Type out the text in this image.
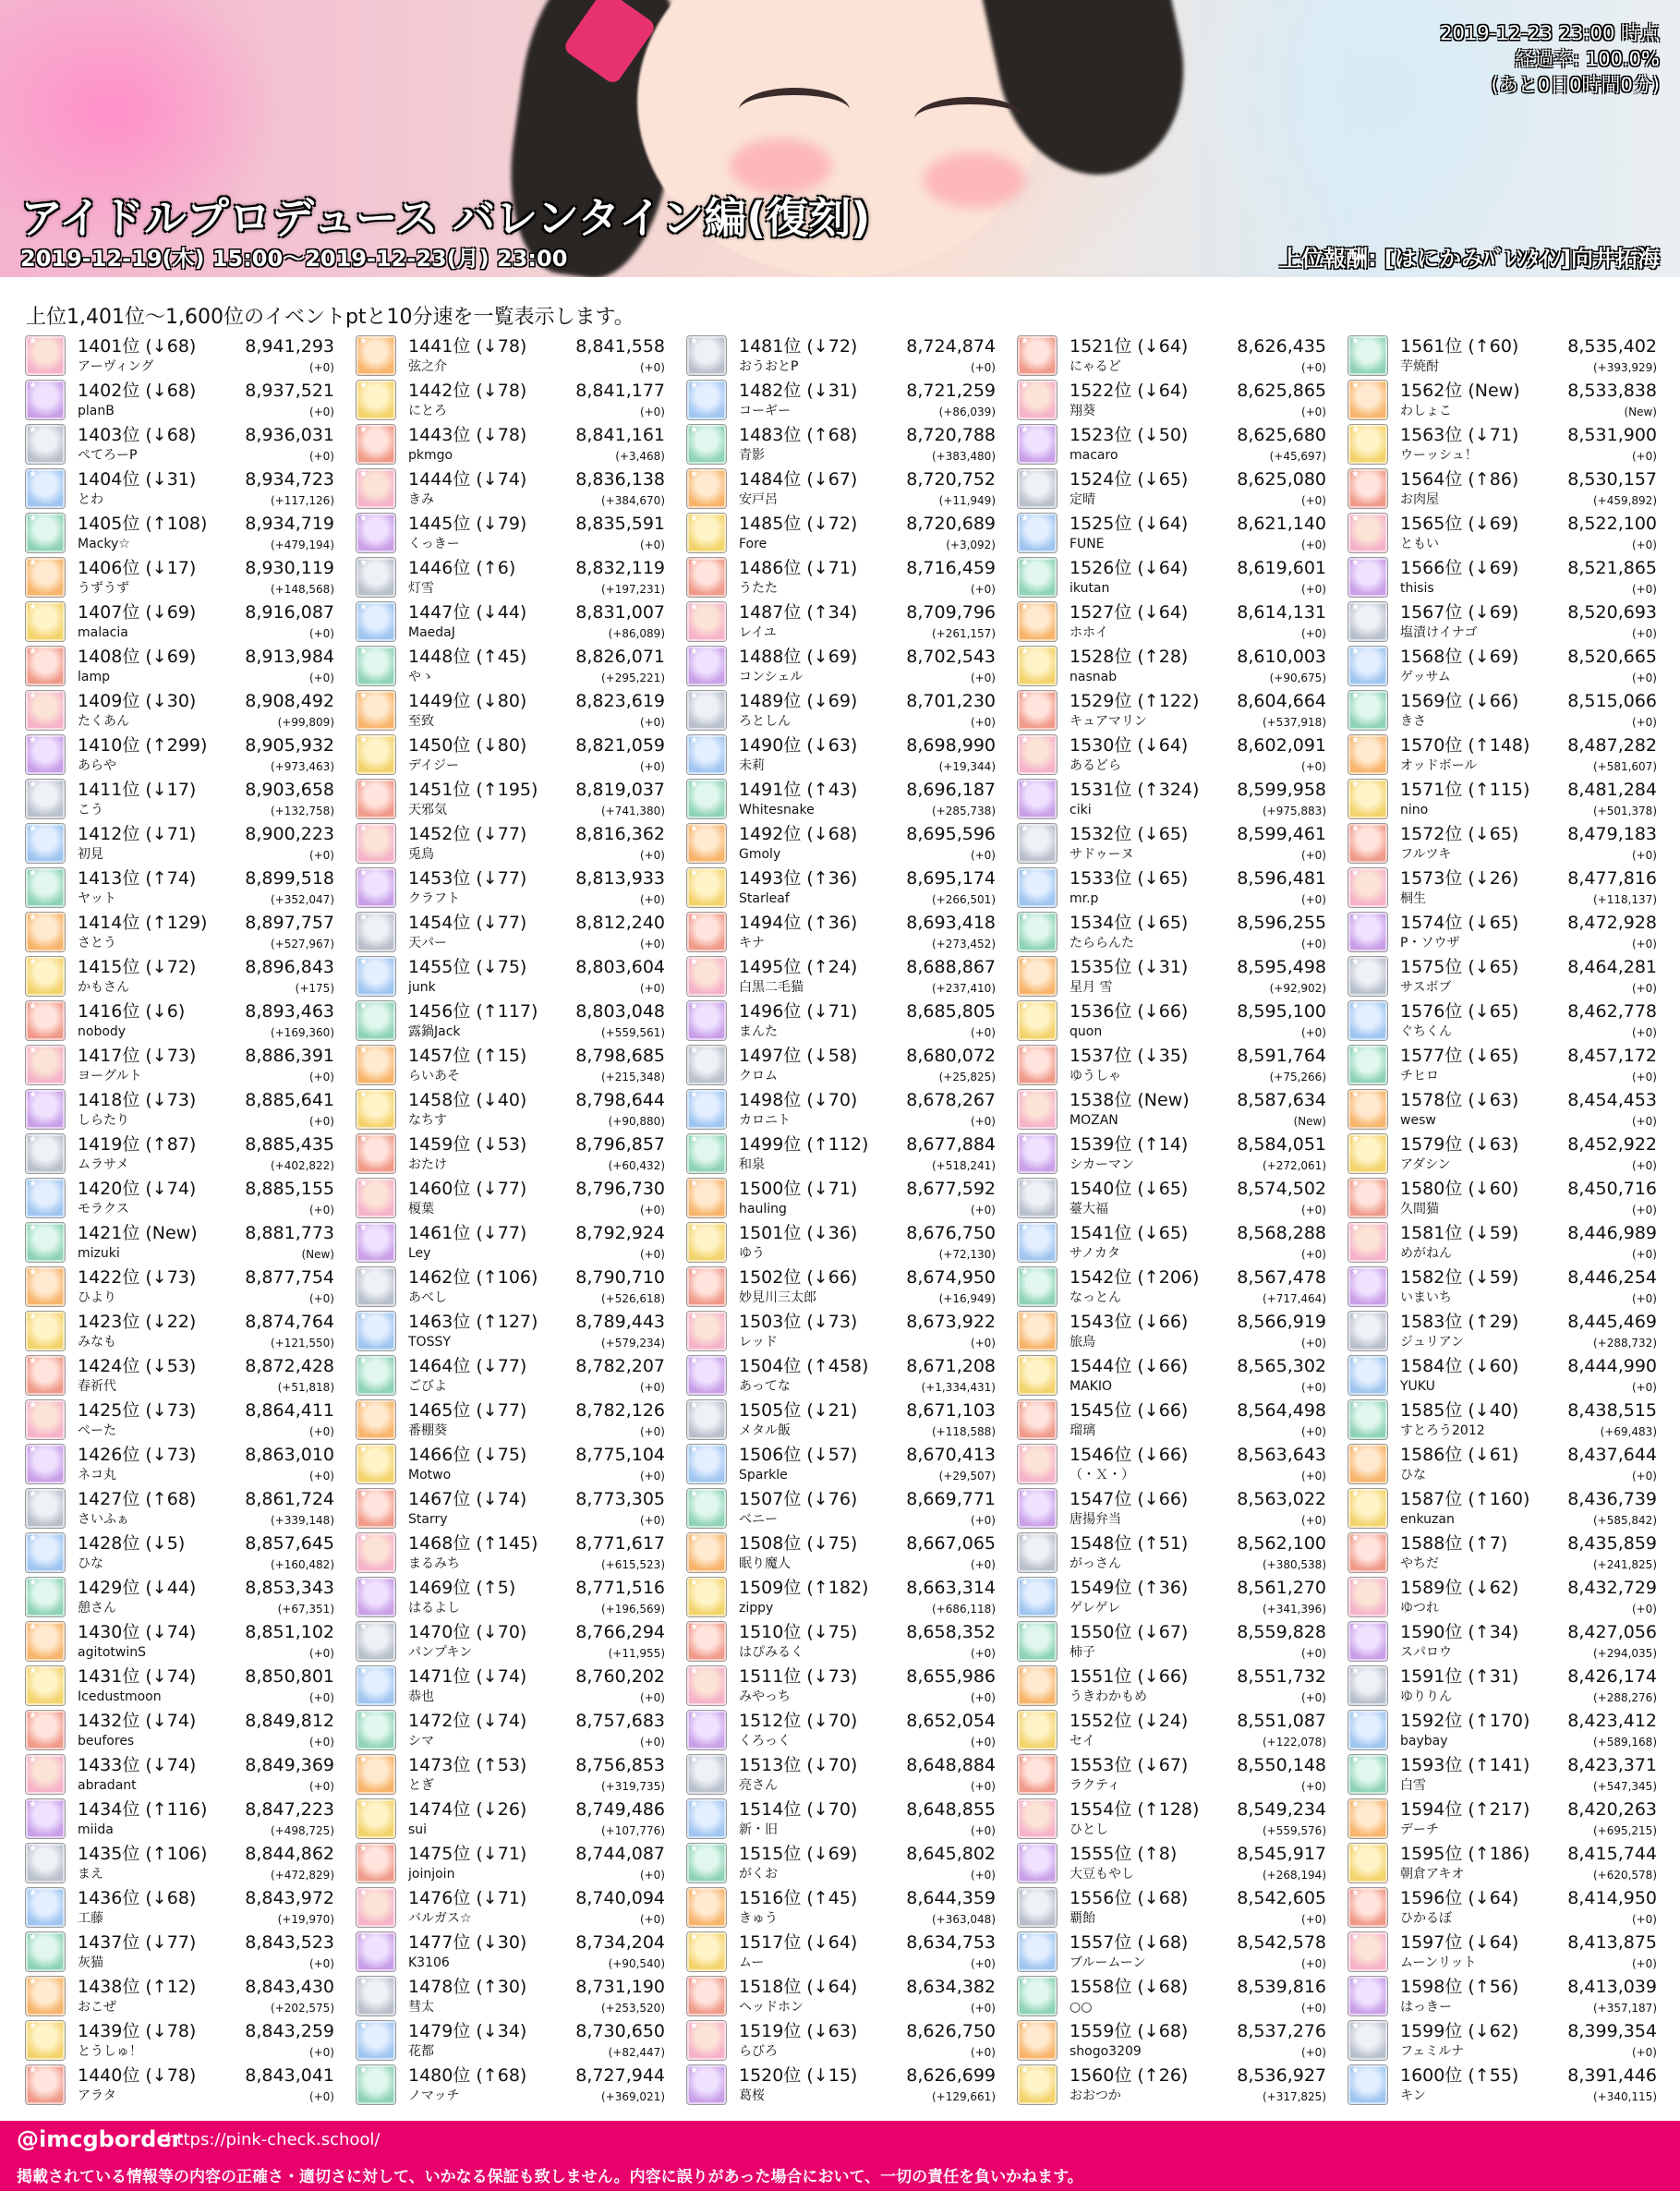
2019-12-23 23:00 時点
経過率: 100.0%
(あと0日0時間0分)
アイドルプロデュース バレンタイン編(復刻)
2019-12-19(木) 15:00～2019-12-23(月) 23:00	上位報酬: [はにかみﾊﾞﾚﾝﾀｲﾝ]向井拓海
上位1,401位～1,600位のイベントptと10分速を一覧表示します。
★ 1401位 (↓68)	8,941,293
アーヴィング	(+0)
★ 1402位 (↓68)	8,937,521
planB	(+0)
★ 1403位 (↓68)	8,936,031
ぺてろーP	(+0)
★ 1404位 (↓31)	8,934,723
とわ	(+117,126)
★ 1405位 (↑108) 8,934,719
Macky☆	(+479,194)
★ 1406位 (↓17)	8,930,119
うずうず	(+148,568)
★ 1407位 (↓69)	8,916,087
malacia	(+0)
★ 1408位 (↓69)	8,913,984
lamp	(+0)
★ 1409位 (↓30)	8,908,492
たくあん	(+99,809)
★ 1410位 (↑299) 8,905,932
あらや	(+973,463)
★ 1411位 (↓17)	8,903,658
こう	(+132,758)
★ 1412位 (↓71)	8,900,223
初見	(+0)
★ 1413位 (↑74)	8,899,518
ヤット	(+352,047)
★ 1414位 (↑129) 8,897,757
さとう	(+527,967)
★ 1415位 (↓72)	8,896,843
かもさん	(+175)
★ 1416位 (↓6)	8,893,463
nobody	(+169,360)
★ 1417位 (↓73)	8,886,391
ヨーグルト	(+0)
★ 1418位 (↓73)	8,885,641
しらたり	(+0)
★ 1419位 (↑87)	8,885,435
ムラサメ	(+402,822)
★ 1420位 (↓74)	8,885,155
モラクス	(+0)
★ 1421位 (New)	8,881,773
mizuki	(New)
★ 1422位 (↓73)	8,877,754
ひより	(+0)
★ 1423位 (↓22)	8,874,764
みなも	(+121,550)
★ 1424位 (↓53)	8,872,428
春祈代	(+51,818)
★ 1425位 (↓73)	8,864,411
ぺーた	(+0)
★ 1426位 (↓73)	8,863,010
ネコ丸	(+0)
★ 1427位 (↑68)	8,861,724
さいふぁ	(+339,148)
★ 1428位 (↓5)	8,857,645
ひな	(+160,482)
★ 1429位 (↓44)	8,853,343
憩さん	(+67,351)
★ 1430位 (↓74)	8,851,102
agitotwinS	(+0)
★ 1431位 (↓74)	8,850,801
Icedustmoon	(+0)
★ 1432位 (↓74)	8,849,812
beufores	(+0)
★ 1433位 (↓74)	8,849,369
abradant	(+0)
★ 1434位 (↑116) 8,847,223
miida	(+498,725)
★ 1435位 (↑106) 8,844,862
まえ	(+472,829)
★ 1436位 (↓68)	8,843,972
工藤	(+19,970)
★ 1437位 (↓77)	8,843,523
灰猫	(+0)
★ 1438位 (↑12)	8,843,430
おこぜ	(+202,575)
★ 1439位 (↓78)	8,843,259
とうしゅ！	(+0)
★ 1440位 (↓78)	8,843,041
アラタ	(+0)
★ 1441位 (↓78)	8,841,558
弦之介	(+0)
★ 1442位 (↓78)	8,841,177
にとろ	(+0)
★ 1443位 (↓78)	8,841,161
pkmgo	(+3,468)
★ 1444位 (↓74)	8,836,138
きみ	(+384,670)
★ 1445位 (↓79)	8,835,591
くっきー	(+0)
★ 1446位 (↑6)	8,832,119
灯雪	(+197,231)
★ 1447位 (↓44)	8,831,007
MaedaJ	(+86,089)
★ 1448位 (↑45)	8,826,071
やゝ	(+295,221)
★ 1449位 (↓80)	8,823,619
至致	(+0)
★ 1450位 (↓80)	8,821,059
デイジー	(+0)
★ 1451位 (↑195) 8,819,037
天邪気	(+741,380)
★ 1452位 (↓77)	8,816,362
兎鳥	(+0)
★ 1453位 (↓77)	8,813,933
クラフト	(+0)
★ 1454位 (↓77)	8,812,240
天パー	(+0)
★ 1455位 (↓75)	8,803,604
junk	(+0)
★ 1456位 (↑117) 8,803,048
露鍋Jack	(+559,561)
★ 1457位 (↑15)	8,798,685
らいあそ	(+215,348)
★ 1458位 (↓40)	8,798,644
なちす	(+90,880)
★ 1459位 (↓53)	8,796,857
おたけ	(+60,432)
★ 1460位 (↓77)	8,796,730
榎葉	(+0)
★ 1461位 (↓77)	8,792,924
Ley	(+0)
★ 1462位 (↑106) 8,790,710
あべし	(+526,618)
★ 1463位 (↑127) 8,789,443
TOSSY	(+579,234)
★ 1464位 (↓77)	8,782,207
ごびよ	(+0)
★ 1465位 (↓77)	8,782,126
番棚葵	(+0)
★ 1466位 (↓75)	8,775,104
Motwo	(+0)
★ 1467位 (↓74)	8,773,305
Starry	(+0)
★ 1468位 (↑145) 8,771,617
まるみち	(+615,523)
★ 1469位 (↑5)	8,771,516
はるよし	(+196,569)
★ 1470位 (↓70)	8,766,294
パンプキン	(+11,955)
★ 1471位 (↓74)	8,760,202
恭也	(+0)
★ 1472位 (↓74)	8,757,683
シマ	(+0)
★ 1473位 (↑53)	8,756,853
とぎ	(+319,735)
★ 1474位 (↓26)	8,749,486
sui	(+107,776)
★ 1475位 (↓71)	8,744,087
joinjoin	(+0)
★ 1476位 (↓71)	8,740,094
バルガス☆	(+0)
★ 1477位 (↓30)	8,734,204
K3106	(+90,540)
★ 1478位 (↑30)	8,731,190
彗太	(+253,520)
★ 1479位 (↓34)	8,730,650
花都	(+82,447)
★ 1480位 (↑68)	8,727,944
ノマッチ	(+369,021)
★ 1481位 (↓72)	8,724,874
おうおとP	(+0)
★ 1482位 (↓31)	8,721,259
コーギー	(+86,039)
★ 1483位 (↑68)	8,720,788
青影	(+383,480)
★ 1484位 (↓67)	8,720,752
安戸呂	(+11,949)
★ 1485位 (↓72)	8,720,689
Fore	(+3,092)
★ 1486位 (↓71)	8,716,459
うたた	(+0)
★ 1487位 (↑34)	8,709,796
レイユ	(+261,157)
★ 1488位 (↓69)	8,702,543
コンシェル	(+0)
★ 1489位 (↓69)	8,701,230
ろとしん	(+0)
★ 1490位 (↓63)	8,698,990
未莉	(+19,344)
★ 1491位 (↑43)	8,696,187
Whitesnake	(+285,738)
★ 1492位 (↓68)	8,695,596
Gmoly	(+0)
★ 1493位 (↑36)	8,695,174
Starleaf	(+266,501)
★ 1494位 (↑36)	8,693,418
キナ	(+273,452)
★ 1495位 (↑24)	8,688,867
白黒二毛猫	(+237,410)
★ 1496位 (↓71)	8,685,805
まんた	(+0)
★ 1497位 (↓58)	8,680,072
クロム	(+25,825)
★ 1498位 (↓70)	8,678,267
カロニト	(+0)
★ 1499位 (↑112) 8,677,884
和泉	(+518,241)
★ 1500位 (↓71)	8,677,592
hauling	(+0)
★ 1501位 (↓36)	8,676,750
ゆう	(+72,130)
★ 1502位 (↓66)	8,674,950
妙見川三太郎	(+16,949)
★ 1503位 (↓73)	8,673,922
レッド	(+0)
★ 1504位 (↑458) 8,671,208
あってな	(+1,334,431)
★ 1505位 (↓21)	8,671,103
メタル飯	(+118,588)
★ 1506位 (↓57)	8,670,413
Sparkle	(+29,507)
★ 1507位 (↓76)	8,669,771
ベニー	(+0)
★ 1508位 (↓75)	8,667,065
眠り魔人	(+0)
★ 1509位 (↑182) 8,663,314
zippy	(+686,118)
★ 1510位 (↓75)	8,658,352
はぴみるく	(+0)
★ 1511位 (↓73)	8,655,986
みやっち	(+0)
★ 1512位 (↓70)	8,652,054
くろっく	(+0)
★ 1513位 (↓70)	8,648,884
亮さん	(+0)
★ 1514位 (↓70)	8,648,855
新・旧	(+0)
★ 1515位 (↓69)	8,645,802
がくお	(+0)
★ 1516位 (↑45)	8,644,359
きゅう	(+363,048)
★ 1517位 (↓64)	8,634,753
ムー	(+0)
★ 1518位 (↓64)	8,634,382
ヘッドホン	(+0)
★ 1519位 (↓63)	8,626,750
らびろ	(+0)
★ 1520位 (↓15)	8,626,699
葛桜	(+129,661)
★ 1521位 (↓64)	8,626,435
にゃるど	(+0)
★ 1522位 (↓64)	8,625,865
翔葵	(+0)
★ 1523位 (↓50)	8,625,680
macaro	(+45,697)
★ 1524位 (↓65)	8,625,080
定晴	(+0)
★ 1525位 (↓64)	8,621,140
FUNE	(+0)
★ 1526位 (↓64)	8,619,601
ikutan	(+0)
★ 1527位 (↓64)	8,614,131
ホホイ	(+0)
★ 1528位 (↑28)	8,610,003
nasnab	(+90,675)
★ 1529位 (↑122) 8,604,664
キュアマリン	(+537,918)
★ 1530位 (↓64)	8,602,091
あるどら	(+0)
★ 1531位 (↑324) 8,599,958
ciki	(+975,883)
★ 1532位 (↓65)	8,599,461
サドゥーヌ	(+0)
★ 1533位 (↓65)	8,596,481
mr.p	(+0)
★ 1534位 (↓65)	8,596,255
たららんた	(+0)
★ 1535位 (↓31)	8,595,498
星月 雪	(+92,902)
★ 1536位 (↓66)	8,595,100
quon	(+0)
★ 1537位 (↓35)	8,591,764
ゆうしゃ	(+75,266)
★ 1538位 (New)	8,587,634
MOZAN	(New)
★ 1539位 (↑14)	8,584,051
シカーマン	(+272,061)
★ 1540位 (↓65)	8,574,502
薹大福	(+0)
★ 1541位 (↓65)	8,568,288
サノカタ	(+0)
★ 1542位 (↑206) 8,567,478
なっとん	(+717,464)
★ 1543位 (↓66)	8,566,919
旅鳥	(+0)
★ 1544位 (↓66)	8,565,302
MAKIO	(+0)
★ 1545位 (↓66)	8,564,498
瑠璃	(+0)
★ 1546位 (↓66)	8,563,643
（・Ｘ・）	(+0)
★ 1547位 (↓66)	8,563,022
唐揚弁当	(+0)
★ 1548位 (↑51)	8,562,100
がっさん	(+380,538)
★ 1549位 (↑36)	8,561,270
ゲレゲレ	(+341,396)
★ 1550位 (↓67)	8,559,828
柿子	(+0)
★ 1551位 (↓66)	8,551,732
うきわかもめ	(+0)
★ 1552位 (↓24)	8,551,087
セイ	(+122,078)
★ 1553位 (↓67)	8,550,148
ラクティ	(+0)
★ 1554位 (↑128) 8,549,234
ひとし	(+559,576)
★ 1555位 (↑8)	8,545,917
大豆もやし	(+268,194)
★ 1556位 (↓68)	8,542,605
覇飴	(+0)
★ 1557位 (↓68)	8,542,578
ブルームーン	(+0)
★ 1558位 (↓68)	8,539,816
○○	(+0)
★ 1559位 (↓68)	8,537,276
shogo3209	(+0)
★ 1560位 (↑26)	8,536,927
おおつか	(+317,825)
★ 1561位 (↑60)	8,535,402
芋焼酎	(+393,929)
★ 1562位 (New)	8,533,838
わしょこ	(New)
★ 1563位 (↓71)	8,531,900
ウーッシュ！	(+0)
★ 1564位 (↑86)	8,530,157
お肉屋	(+459,892)
★ 1565位 (↓69)	8,522,100
ともい	(+0)
★ 1566位 (↓69)	8,521,865
thisis	(+0)
★ 1567位 (↓69)	8,520,693
塩漬けイナゴ	(+0)
★ 1568位 (↓69)	8,520,665
ゲッサム	(+0)
★ 1569位 (↓66)	8,515,066
きさ	(+0)
★ 1570位 (↑148) 8,487,282
オッドボール	(+581,607)
★ 1571位 (↑115) 8,481,284
nino	(+501,378)
★ 1572位 (↓65)	8,479,183
フルツキ	(+0)
★ 1573位 (↓26)	8,477,816
桐生	(+118,137)
★ 1574位 (↓65)	8,472,928
P・ソウザ	(+0)
★ 1575位 (↓65)	8,464,281
サスボブ	(+0)
★ 1576位 (↓65)	8,462,778
ぐちくん	(+0)
★ 1577位 (↓65)	8,457,172
チヒロ	(+0)
★ 1578位 (↓63)	8,454,453
wesw	(+0)
★ 1579位 (↓63)	8,452,922
アダシン	(+0)
★ 1580位 (↓60)	8,450,716
久間猫	(+0)
★ 1581位 (↓59)	8,446,989
めがねん	(+0)
★ 1582位 (↓59)	8,446,254
いまいち	(+0)
★ 1583位 (↑29)	8,445,469
ジュリアン	(+288,732)
★ 1584位 (↓60)	8,444,990
YUKU	(+0)
★ 1585位 (↓40)	8,438,515
すとろう2012	(+69,483)
★ 1586位 (↓61)	8,437,644
ひな	(+0)
★ 1587位 (↑160) 8,436,739
enkuzan	(+585,842)
★ 1588位 (↑7)	8,435,859
やちだ	(+241,825)
★ 1589位 (↓62)	8,432,729
ゆつれ	(+0)
★ 1590位 (↑34)	8,427,056
スパロウ	(+294,035)
★ 1591位 (↑31)	8,426,174
ゆりりん	(+288,276)
★ 1592位 (↑170) 8,423,412
baybay	(+589,168)
★ 1593位 (↑141) 8,423,371
白雪	(+547,345)
★ 1594位 (↑217) 8,420,263
デーチ	(+695,215)
★ 1595位 (↑186) 8,415,744
朝倉アキオ	(+620,578)
★ 1596位 (↓64)	8,414,950
ひかるぼ	(+0)
★ 1597位 (↓64)	8,413,875
ムーンリット	(+0)
★ 1598位 (↑56)	8,413,039
はっきー	(+357,187)
★ 1599位 (↓62)	8,399,354
フェミルナ	(+0)
★ 1600位 (↑55)	8,391,446
キン	(+340,115)
@imcgborder
https://pink-check.school/
掲載されている情報等の内容の正確さ・適切さに対して、いかなる保証も致しません。内容に誤りがあった場合において、一切の責任を負いかねます。
